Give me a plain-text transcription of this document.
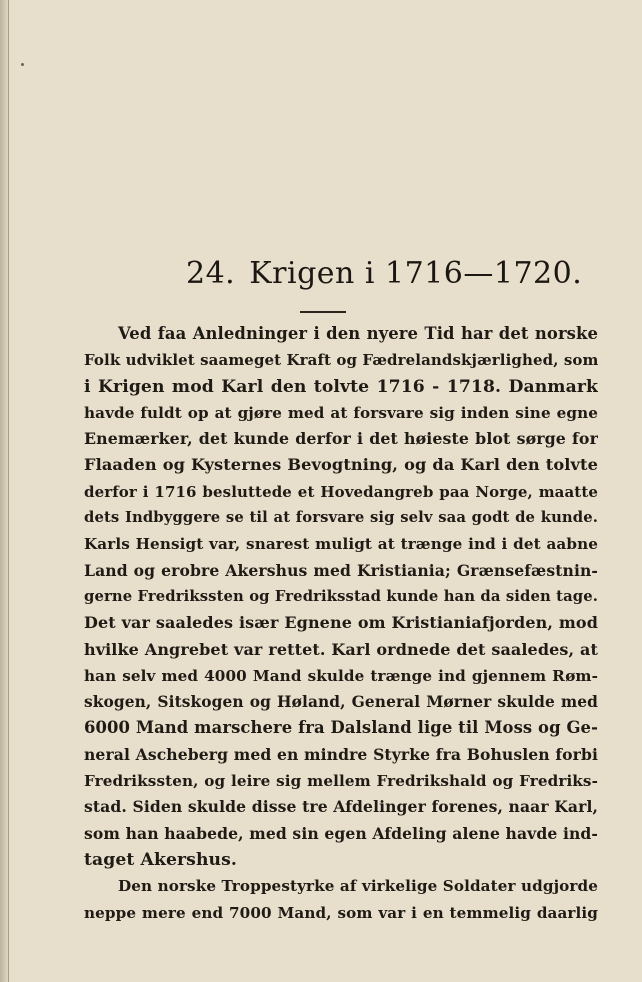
24. Krigen i 1716—1720.
Ved faa Anledninger i den nyere Tid har det norske
Folk udviklet saameget Kraft og Fædrelandskjærlighed, som
i Krigen mod Karl den tolvte 1716 - 1718. Danmark
havde fuldt op at gjøre med at forsvare sig inden sine egne
Enemærker, det kunde derfor i det høieste blot sørge for
Flaaden og Kysternes Bevogtning, og da Karl den tolvte
derfor i 1716 besluttede et Hovedangreb paa Norge, maatte
dets Indbyggere se til at forsvare sig selv saa godt de kunde.
Karls Hensigt var, snarest muligt at trænge ind i det aabne
Land og erobre Akershus med Kristiania; Grænsefæstnin-
gerne Fredrikssten og Fredriksstad kunde han da siden tage.
Det var saaledes især Egnene om Kristianiafjorden, mod
hvilke Angrebet var rettet. Karl ordnede det saaledes, at
han selv med 4000 Mand skulde trænge ind gjennem Røm-
skogen, Sitskogen og Høland, General Mørner skulde med
6000 Mand marschere fra Dalsland lige til Moss og Ge-
neral Ascheberg med en mindre Styrke fra Bohuslen forbi
Fredrikssten, og leire sig mellem Fredrikshald og Fredriks-
stad. Siden skulde disse tre Afdelinger forenes, naar Karl,
som han haabede, med sin egen Afdeling alene havde ind-
taget Akershus.
Den norske Troppestyrke af virkelige Soldater udgjorde
neppe mere end 7000 Mand, som var i en temmelig daarlig
